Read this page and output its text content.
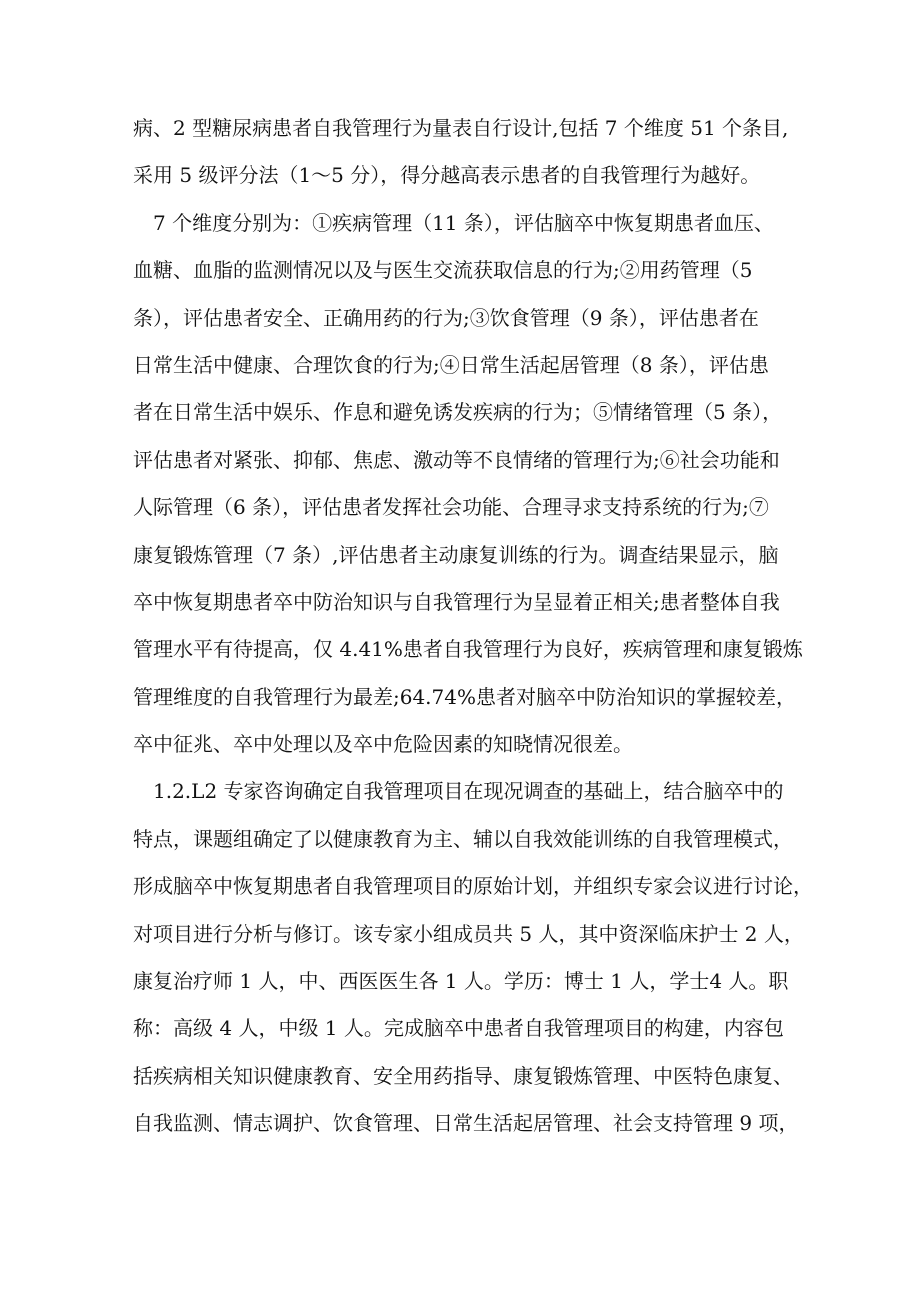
病、2 型糖尿病患者自我管理行为量表自行设计,包括 7 个维度 51 个条目,
采用 5 级评分法（1～5 分），得分越高表示患者的自我管理行为越好。
　7 个维度分别为：①疾病管理（11 条），评估脑卒中恢复期患者血压、
血糖、血脂的监测情况以及与医生交流获取信息的行为;②用药管理（5
条），评估患者安全、正确用药的行为;③饮食管理（9 条），评估患者在
日常生活中健康、合理饮食的行为;④日常生活起居管理（8 条），评估患
者在日常生活中娱乐、作息和避免诱发疾病的行为；⑤情绪管理（5 条），
评估患者对紧张、抑郁、焦虑、激动等不良情绪的管理行为;⑥社会功能和
人际管理（6 条），评估患者发挥社会功能、合理寻求支持系统的行为;⑦
康复锻炼管理（7 条）,评估患者主动康复训练的行为。调查结果显示，脑
卒中恢复期患者卒中防治知识与自我管理行为呈显着正相关;患者整体自我
管理水平有待提高，仅 4.41%患者自我管理行为良好，疾病管理和康复锻炼
管理维度的自我管理行为最差;64.74%患者对脑卒中防治知识的掌握较差，
卒中征兆、卒中处理以及卒中危险因素的知晓情况很差。
　1.2.L2 专家咨询确定自我管理项目在现况调查的基础上，结合脑卒中的
特点，课题组确定了以健康教育为主、辅以自我效能训练的自我管理模式，
形成脑卒中恢复期患者自我管理项目的原始计划，并组织专家会议进行讨论，
对项目进行分析与修订。该专家小组成员共 5 人，其中资深临床护士 2 人，
康复治疗师 1 人，中、西医医生各 1 人。学历：博士 1 人，学士4 人。职
称：高级 4 人，中级 1 人。完成脑卒中患者自我管理项目的构建，内容包
括疾病相关知识健康教育、安全用药指导、康复锻炼管理、中医特色康复、
自我监测、情志调护、饮食管理、日常生活起居管理、社会支持管理 9 项，
